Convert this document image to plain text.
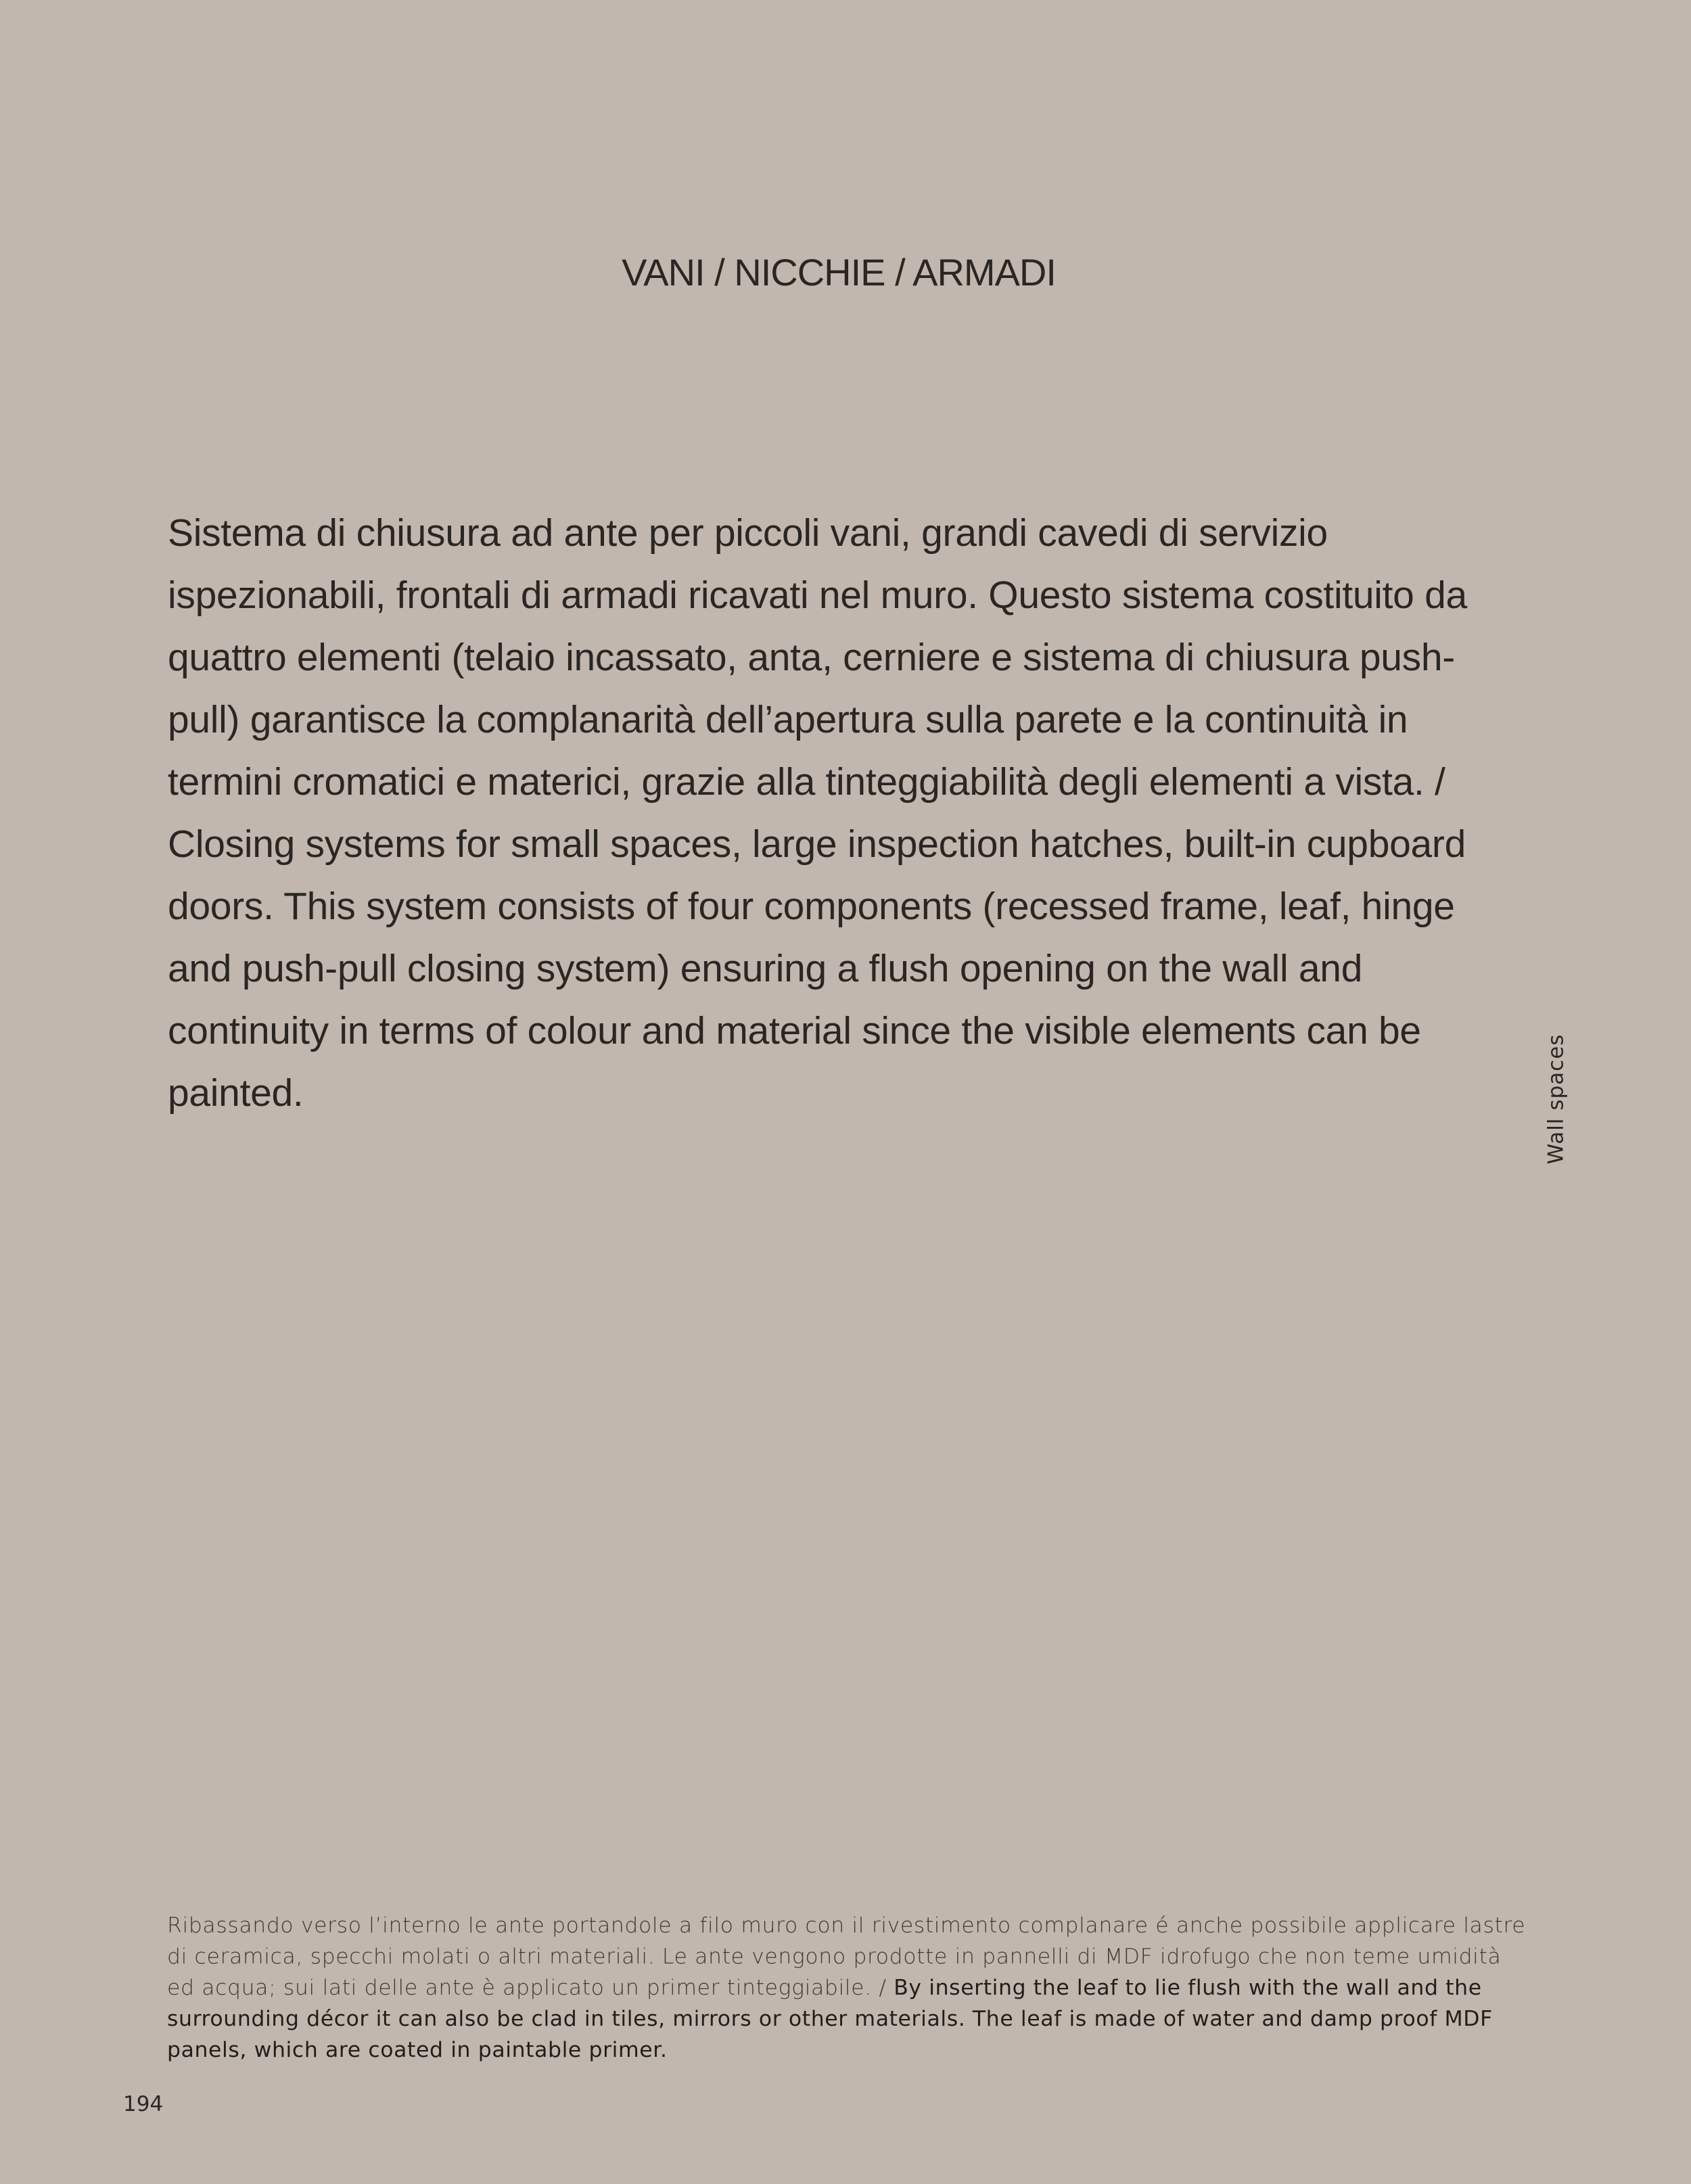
VANI / NICCHIE / ARMADI

Sistema di chiusura ad ante per piccoli vani, grandi cavedi di servizio ispezionabili, frontali di armadi ricavati nel muro. Questo sistema costituito da quattro elementi (telaio incassato, anta, cerniere e sistema di chiusura push-pull) garantisce la complanarità dell’apertura sulla parete e la continuità in termini cromatici e materici, grazie alla tinteggiabilità degli elementi a vista. / Closing systems for small spaces, large inspection hatches, built-in cupboard doors. This system consists of four components (recessed frame, leaf, hinge and push-pull closing system) ensuring a flush opening on the wall and continuity in terms of colour and material since the visible elements can be painted.	Wall spaces

Ribassando verso l’interno le ante portandole a filo muro con il rivestimento complanare é anche possibile applicare lastre di ceramica, specchi molati o altri materiali. Le ante vengono prodotte in pannelli di MDF idrofugo che non teme umidità ed acqua; sui lati delle ante è applicato un primer tinteggiabile. / By inserting the leaf to lie flush with the wall and the surrounding décor it can also be clad in tiles, mirrors or other materials. The leaf is made of water and damp proof MDF panels, which are coated in paintable primer.

194
